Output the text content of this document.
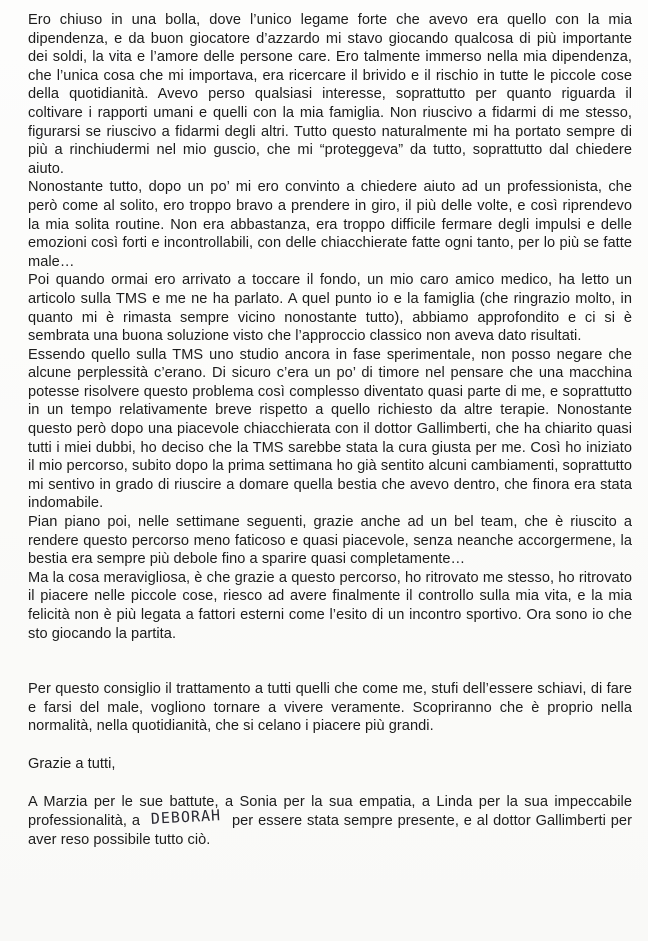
Ero chiuso in una bolla, dove l’unico legame forte che avevo era quello con la mia dipendenza, e da buon giocatore d’azzardo mi stavo giocando qualcosa di più importante dei soldi, la vita e l’amore delle persone care. Ero talmente immerso nella mia dipendenza, che l’unica cosa che mi importava, era ricercare il brivido e il rischio in tutte le piccole cose della quotidianità. Avevo perso qualsiasi interesse, soprattutto per quanto riguarda il coltivare i rapporti umani e quelli con la mia famiglia. Non riuscivo a fidarmi di me stesso, figurarsi se riuscivo a fidarmi degli altri. Tutto questo naturalmente mi ha portato sempre di più a rinchiudermi nel mio guscio, che mi “proteggeva” da tutto, soprattutto dal chiedere aiuto.

Nonostante tutto, dopo un po’ mi ero convinto a chiedere aiuto ad un professionista, che però come al solito, ero troppo bravo a prendere in giro, il più delle volte, e così riprendevo la mia solita routine. Non era abbastanza, era troppo difficile fermare degli impulsi e delle emozioni così forti e incontrollabili, con delle chiacchierate fatte ogni tanto, per lo più se fatte male…

Poi quando ormai ero arrivato a toccare il fondo, un mio caro amico medico, ha letto un articolo sulla TMS e me ne ha parlato. A quel punto io e la famiglia (che ringrazio molto, in quanto mi è rimasta sempre vicino nonostante tutto), abbiamo approfondito e ci si è sembrata una buona soluzione visto che l’approccio classico non aveva dato risultati.

Essendo quello sulla TMS uno studio ancora in fase sperimentale, non posso negare che alcune perplessità c’erano. Di sicuro c’era un po’ di timore nel pensare che una macchina potesse risolvere questo problema così complesso diventato quasi parte di me, e soprattutto in un tempo relativamente breve rispetto a quello richiesto da altre terapie. Nonostante questo però dopo una piacevole chiacchierata con il dottor Gallimberti, che ha chiarito quasi tutti i miei dubbi, ho deciso che la TMS sarebbe stata la cura giusta per me. Così ho iniziato il mio percorso, subito dopo la prima settimana ho già sentito alcuni cambiamenti, soprattutto mi sentivo in grado di riuscire a domare quella bestia che avevo dentro, che finora era stata indomabile.

Pian piano poi, nelle settimane seguenti, grazie anche ad un bel team, che è riuscito a rendere questo percorso meno faticoso e quasi piacevole, senza neanche accorgermene, la bestia era sempre più debole fino a sparire quasi completamente…

Ma la cosa meravigliosa, è che grazie a questo percorso, ho ritrovato me stesso, ho ritrovato il piacere nelle piccole cose, riesco ad avere finalmente il controllo sulla mia vita, e la mia felicità non è più legata a fattori esterni come l’esito di un incontro sportivo. Ora sono io che sto giocando la partita.

Per questo consiglio il trattamento a tutti quelli che come me, stufi dell’essere schiavi, di fare e farsi del male, vogliono tornare a vivere veramente. Scopriranno che è proprio nella normalità, nella quotidianità, che si celano i piacere più grandi.

Grazie a tutti,

A Marzia per le sue battute, a Sonia per la sua empatia, a Linda per la sua impeccabile professionalità, a DEBORAH per essere stata sempre presente, e al dottor Gallimberti per aver reso possibile tutto ciò.
